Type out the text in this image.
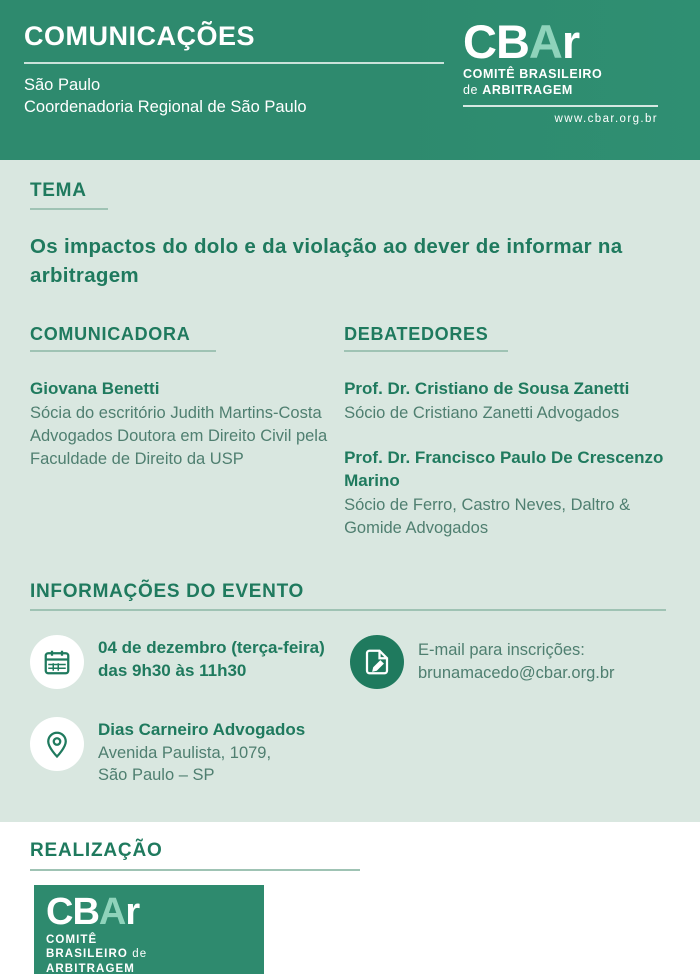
COMUNICAÇÕES
São Paulo
Coordenadoria Regional de São Paulo
CB A r
COMITÊ BRASILEIRO
de ARBITRAGEM
www.cbar.org.br
TEMA
Os impactos do dolo e da violação ao dever de informar na arbitragem
COMUNICADORA
Giovana Benetti
Sócia do escritório Judith Martins-Costa Advogados Doutora em Direito Civil pela Faculdade de Direito da USP
DEBATEDORES
Prof. Dr. Cristiano de Sousa Zanetti
Sócio de Cristiano Zanetti Advogados
Prof. Dr. Francisco Paulo De Crescenzo Marino
Sócio de Ferro, Castro Neves, Daltro & Gomide Advogados
INFORMAÇÕES DO EVENTO
04 de dezembro (terça-feira) das 9h30 às 11h30
Dias Carneiro Advogados
Avenida Paulista, 1079,
São Paulo – SP
E-mail para inscrições:
brunamacedo@cbar.org.br
REALIZAÇÃO
CB A r
COMITÊ
BRASILEIRO de
ARBITRAGEM
